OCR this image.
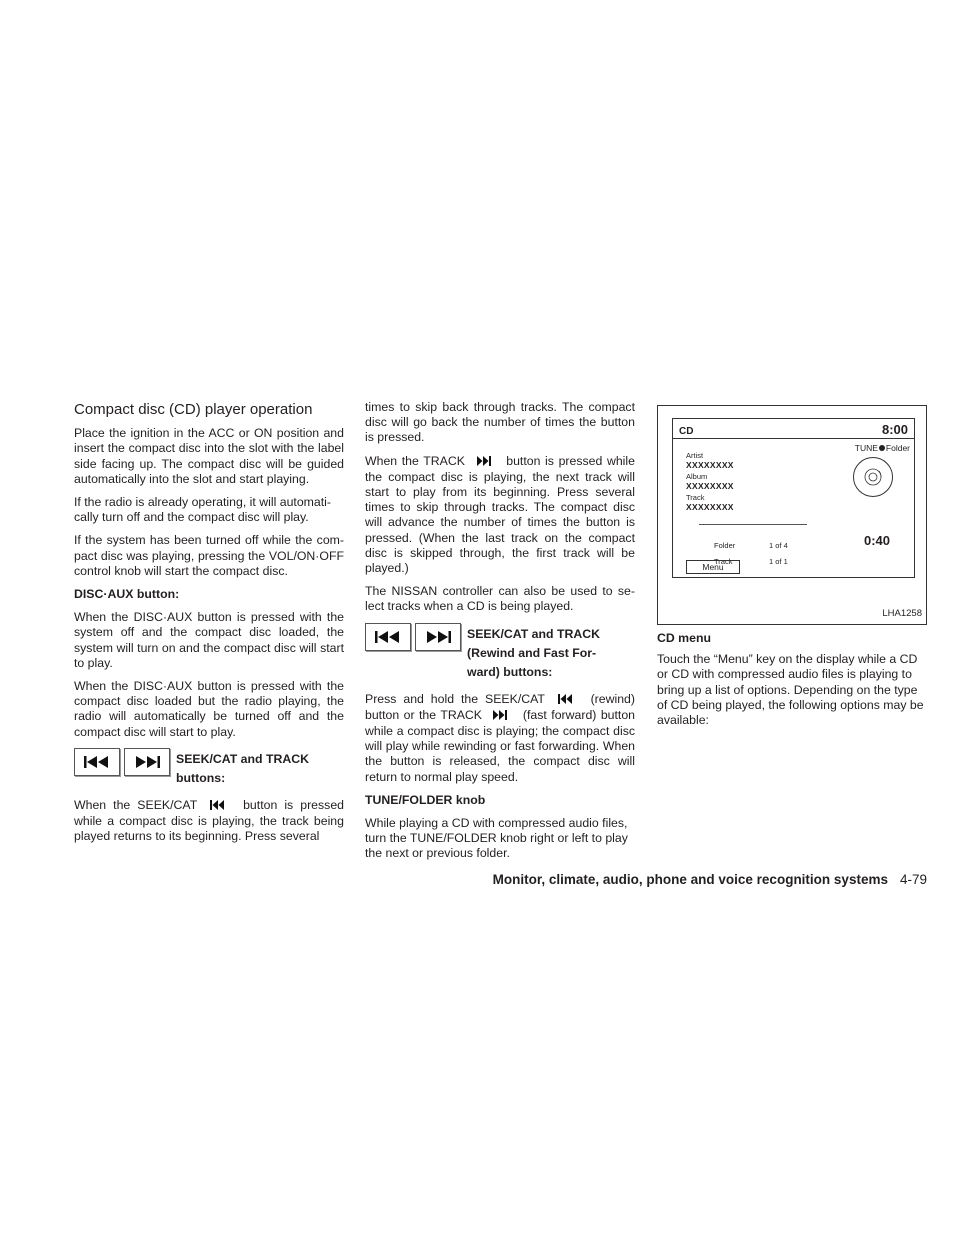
Compact disc (CD) player operation

Place the ignition in the ACC or ON position and insert the compact disc into the slot with the label side facing up. The compact disc will be guided automatically into the slot and start playing.

If the radio is already operating, it will automati-cally turn off and the compact disc will play.

If the system has been turned off while the com-pact disc was playing, pressing the VOL/ON·OFF control knob will start the compact disc.

DISC·AUX button:

When the DISC·AUX button is pressed with the system off and the compact disc loaded, the system will turn on and the compact disc will start to play.

When the DISC·AUX button is pressed with the compact disc loaded but the radio playing, the radio will automatically be turned off and the compact disc will start to play.

SEEK/CAT and TRACK
buttons:

When the SEEK/CAT	button is pressed while a compact disc is playing, the track being played returns to its beginning. Press several

times to skip back through tracks. The compact disc will go back the number of times the button is pressed.

When the TRACK	button is pressed while the compact disc is playing, the next track will start to play from its beginning. Press several times to skip through tracks. The compact disc will advance the number of times the button is pressed. (When the last track on the compact disc is skipped through, the first track will be played.)

The NISSAN controller can also be used to se-lect tracks when a CD is being played.

SEEK/CAT and TRACK
(Rewind and Fast For-
ward) buttons:

Press and hold the SEEK/CAT	(rewind) button or the TRACK	(fast forward) button while a compact disc is playing; the compact disc will play while rewinding or fast forwarding. When the button is released, the compact disc will return to normal play speed.

TUNE/FOLDER knob

While playing a CD with compressed audio files, turn the TUNE/FOLDER knob right or left to play the next or previous folder.

CD	8:00
TUNE Folder
Artist
XXXXXXXX
Album
XXXXXXXX
Track
XXXXXXXX
Folder	1 of 4
Track	1 of 1
0:40
Menu
LHA1258
CD menu

Touch the “Menu” key on the display while a CD or CD with compressed audio files is playing to bring up a list of options. Depending on the type of CD being played, the following options may be available:

Monitor, climate, audio, phone and voice recognition systems 4-79
